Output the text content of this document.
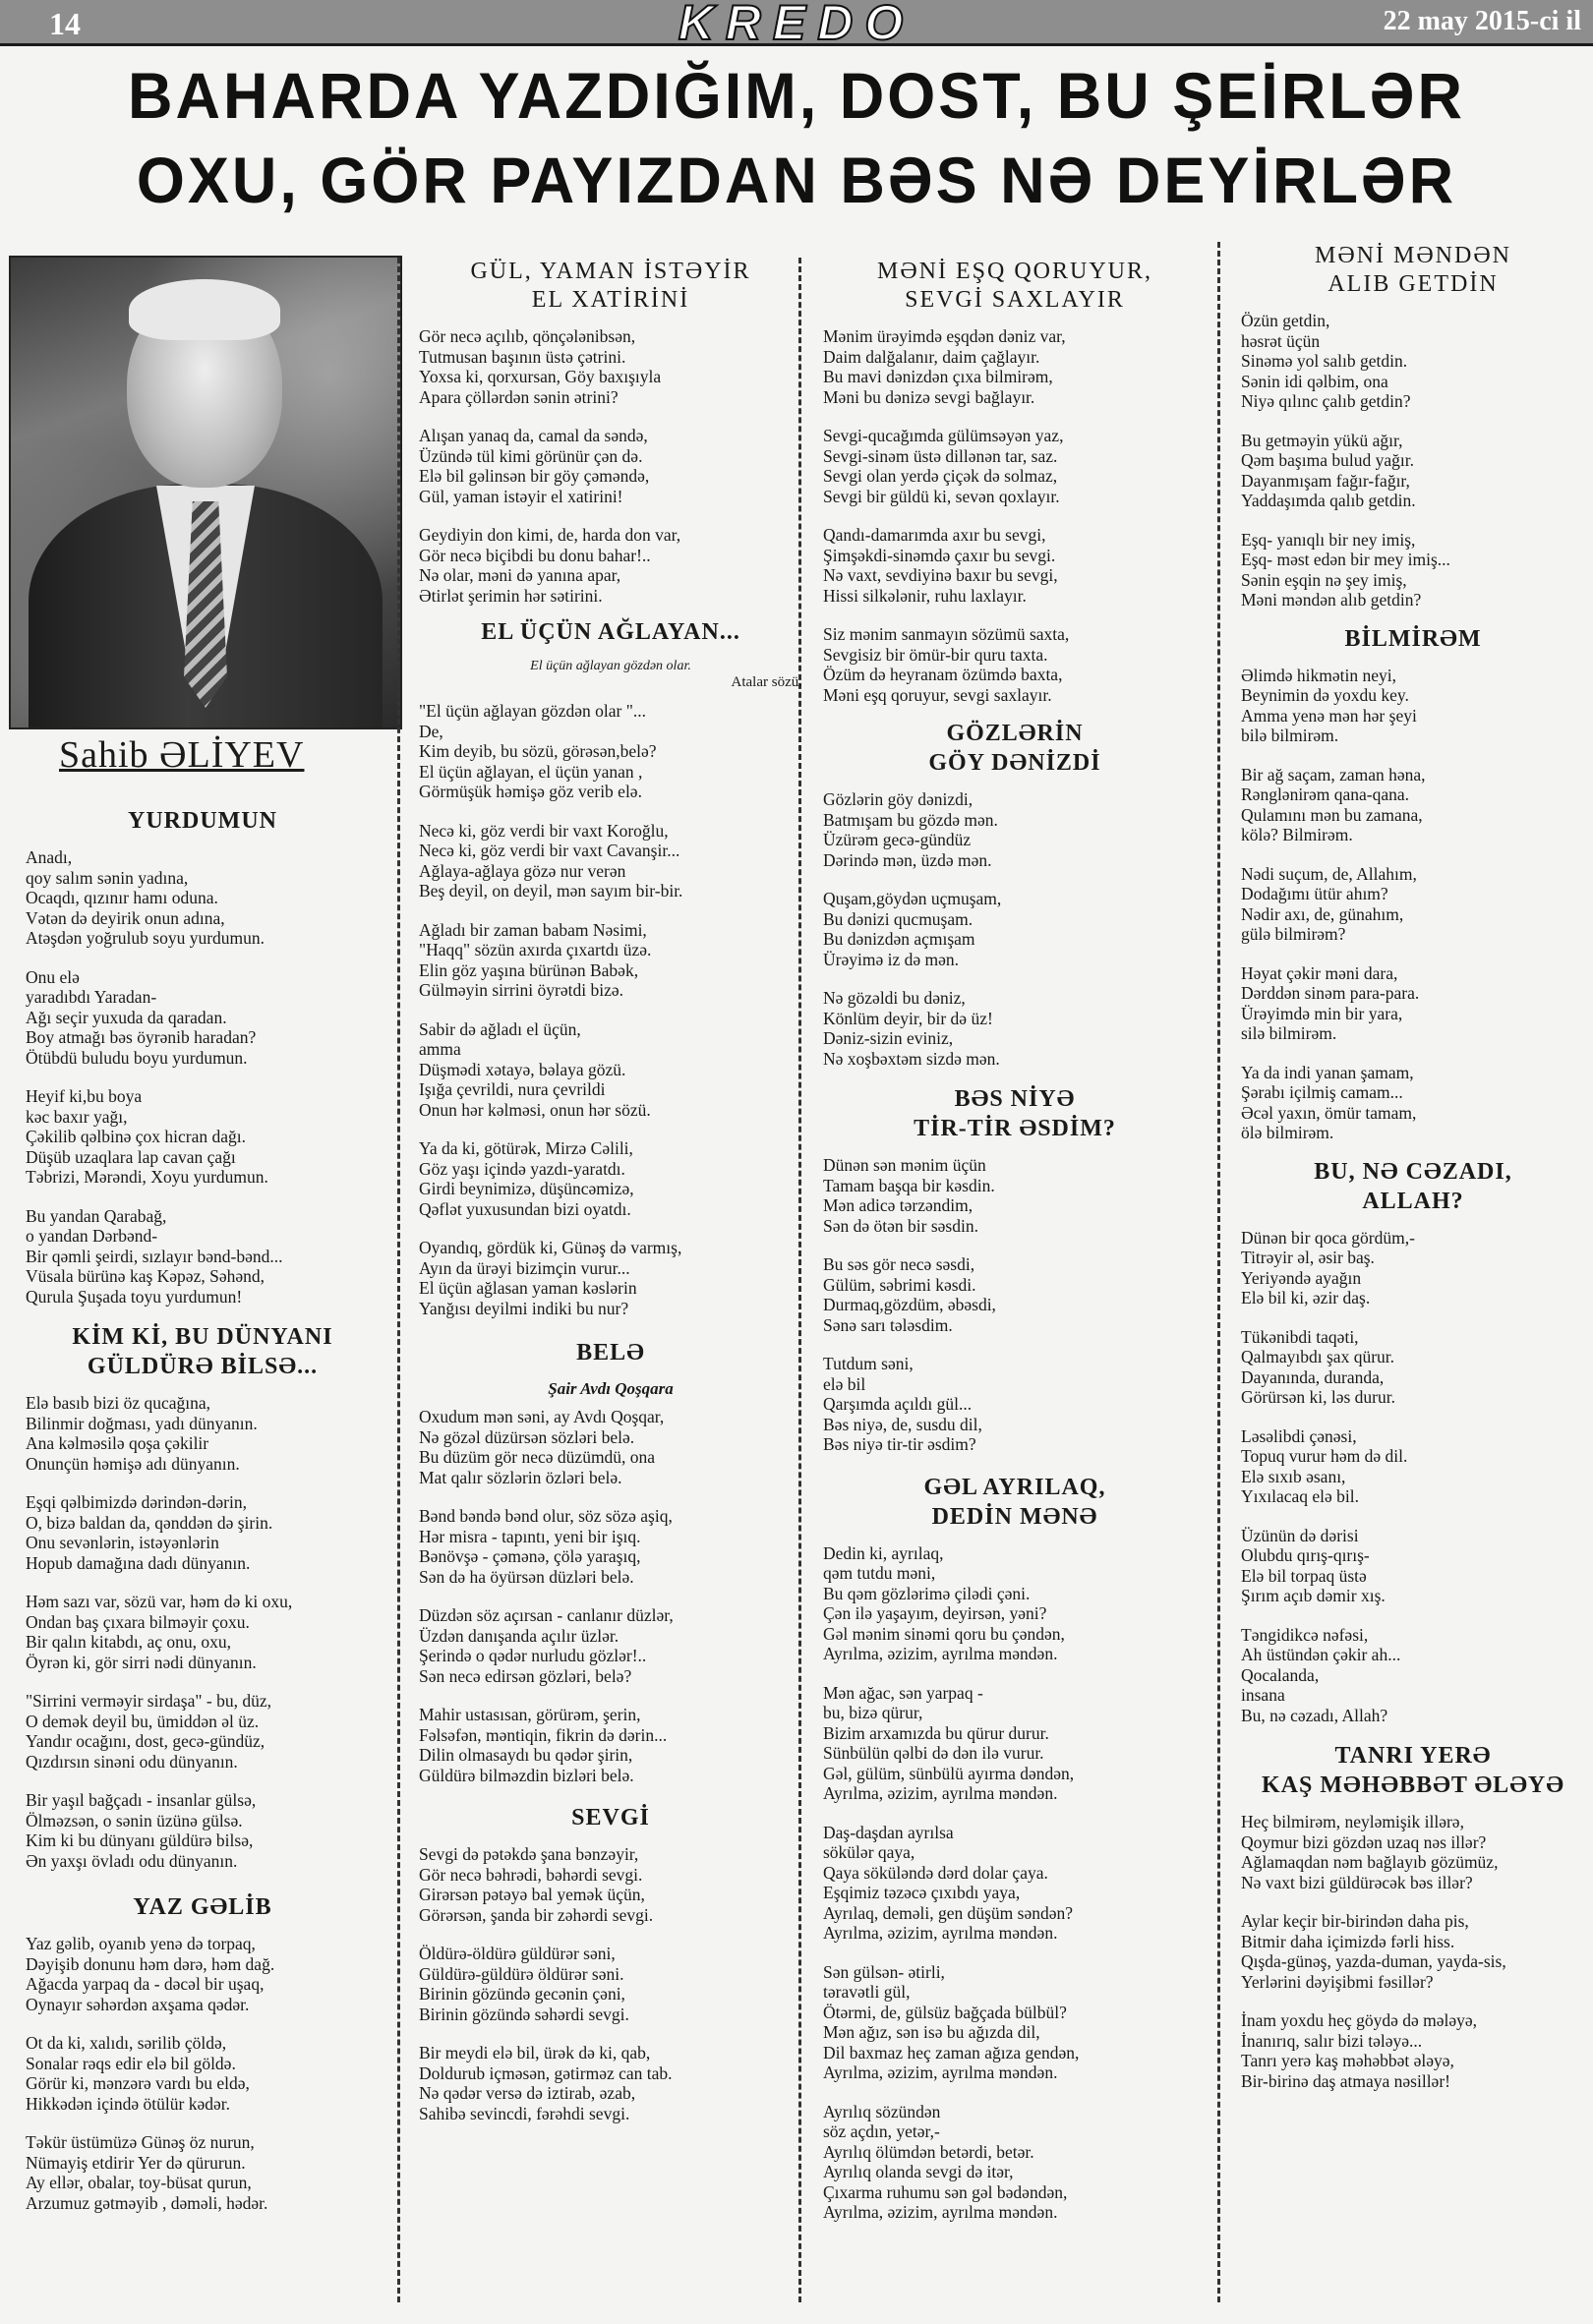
14	KREDO	22 may 2015-ci il
BAHARDA YAZDIĞIM, DOST, BU ŞEİRLƏR
OXU, GÖR PAYIZDAN BƏS NƏ DEYİRLƏR
Sahib ƏLİYEV
YURDUMUN
Anadı,
qoy salım sənin yadına,
Ocaqdı, qızınır hamı oduna.
Vətən də deyirik onun adına,
Atəşdən yoğrulub soyu yurdumun.
Onu elə
yaradıbdı Yaradan-
Ağı seçir yuxuda da qaradan.
Boy atmağı bəs öyrənib haradan?
Ötübdü buludu boyu yurdumun.
Heyif ki,bu boya
kəc baxır yağı,
Çəkilib qəlbinə çox hicran dağı.
Düşüb uzaqlara lap cavan çağı
Təbrizi, Mərəndi, Xoyu yurdumun.
Bu yandan Qarabağ,
o yandan Dərbənd-
Bir qəmli şeirdi, sızlayır bənd-bənd...
Vüsala bürünə kaş Kəpəz, Səhənd,
Qurula Şuşada toyu yurdumun!
KİM Kİ, BU DÜNYANI
GÜLDÜRƏ BİLSƏ...
Elə basıb bizi öz qucağına,
Bilinmir doğması, yadı dünyanın.
Ana kəlməsilə qoşa çəkilir
Onunçün həmişə adı dünyanın.
Eşqi qəlbimizdə dərindən-dərin,
O, bizə baldan da, qənddən də şirin.
Onu sevənlərin, istəyənlərin
Hopub damağına dadı dünyanın.
Həm sazı var, sözü var, həm də ki oxu,
Ondan baş çıxara bilməyir çoxu.
Bir qalın kitabdı, aç onu, oxu,
Öyrən ki, gör sirri nədi dünyanın.
"Sirrini verməyir sirdaşa" - bu, düz,
O demək deyil bu, ümiddən əl üz.
Yandır ocağını, dost, gecə-gündüz,
Qızdırsın sinəni odu dünyanın.
Bir yaşıl bağçadı - insanlar gülsə,
Ölməzsən, o sənin üzünə gülsə.
Kim ki bu dünyanı güldürə bilsə,
Ən yaxşı övladı odu dünyanın.
YAZ GƏLİB
Yaz gəlib, oyanıb yenə də torpaq,
Dəyişib donunu həm dərə, həm dağ.
Ağacda yarpaq da - dəcəl bir uşaq,
Oynayır səhərdən axşama qədər.
Ot da ki, xalıdı, sərilib çöldə,
Sonalar rəqs edir elə bil göldə.
Görür ki, mənzərə vardı bu eldə,
Hikkədən içində ötülür kədər.
Təkür üstümüzə Günəş öz nurun,
Nümayiş etdirir Yer də qürurun.
Ay ellər, obalar, toy-büsat qurun,
Arzumuz gətməyib , dəməli, hədər.
GÜL, YAMAN İSTƏYİR
EL XATİRİNİ
Gör necə açılıb, qönçələnibsən,
Tutmusan başının üstə çətrini.
Yoxsa ki, qorxursan, Göy baxışıyla
Apara çöllərdən sənin ətrini?
Alışan yanaq da, camal da səndə,
Üzündə tül kimi görünür çən də.
Elə bil gəlinsən bir göy çəməndə,
Gül, yaman istəyir el xatirini!
Geydiyin don kimi, de, harda don var,
Gör necə biçibdi bu donu bahar!..
Nə olar, məni də yanına apar,
Ətirlət şerimin hər sətirini.
EL ÜÇÜN AĞLAYAN...
El üçün ağlayan gözdən olar.
Atalar sözü.
"El üçün ağlayan gözdən olar "...
De,
Kim deyib, bu sözü, görəsən,belə?
El üçün ağlayan, el üçün yanan ,
Görmüşük həmişə göz verib elə.
Necə ki, göz verdi bir vaxt Koroğlu,
Necə ki, göz verdi bir vaxt Cavanşir...
Ağlaya-ağlaya gözə nur verən
Beş deyil, on deyil, mən sayım bir-bir.
Ağladı bir zaman babam Nəsimi,
"Haqq" sözün axırda çıxartdı üzə.
Elin göz yaşına bürünən Babək,
Gülməyin sirrini öyrətdi bizə.
Sabir də ağladı el üçün,
amma
Düşmədi xətayə, bəlaya gözü.
Işığa çevrildi, nura çevrildi
Onun hər kəlməsi, onun hər sözü.
Ya da ki, götürək, Mirzə Cəlili,
Göz yaşı içində yazdı-yaratdı.
Girdi beynimizə, düşüncəmizə,
Qəflət yuxusundan bizi oyatdı.
Oyandıq, gördük ki, Günəş də varmış,
Ayın da ürəyi bizimçin vurur...
El üçün ağlasan yaman kəslərin
Yanğısı deyilmi indiki bu nur?
BELƏ
Şair Avdı Qoşqara
Oxudum mən səni, ay Avdı Qoşqar,
Nə gözəl düzürsən sözləri belə.
Bu düzüm gör necə düzümdü, ona
Mat qalır sözlərin özləri belə.
Bənd bəndə bənd olur, söz sözə aşiq,
Hər misra - tapıntı, yeni bir işıq.
Bənövşə - çəmənə, çölə yaraşıq,
Sən də ha öyürsən düzləri belə.
Düzdən söz açırsan - canlanır düzlər,
Üzdən danışanda açılır üzlər.
Şerində o qədər nurludu gözlər!..
Sən necə edirsən gözləri, belə?
Mahir ustasısan, görürəm, şerin,
Fəlsəfən, məntiqin, fikrin də dərin...
Dilin olmasaydı bu qədər şirin,
Güldürə bilməzdin bizləri belə.
SEVGİ
Sevgi də pətəkdə şana bənzəyir,
Gör necə bəhrədi, bəhərdi sevgi.
Girərsən pətəyə bal yemək üçün,
Görərsən, şanda bir zəhərdi sevgi.
Öldürə-öldürə güldürər səni,
Güldürə-güldürə öldürər səni.
Birinin gözündə gecənin çəni,
Birinin gözündə səhərdi sevgi.
Bir meydi elə bil, ürək də ki, qab,
Doldurub içməsən, gətirməz can tab.
Nə qədər versə də iztirab, əzab,
Sahibə sevincdi, fərəhdi sevgi.
MƏNİ EŞQ QORUYUR,
SEVGİ SAXLAYIR
Mənim ürəyimdə eşqdən dəniz var,
Daim dalğalanır, daim çağlayır.
Bu mavi dənizdən çıxa bilmirəm,
Məni bu dənizə sevgi bağlayır.
Sevgi-qucağımda gülümsəyən yaz,
Sevgi-sinəm üstə dillənən tar, saz.
Sevgi olan yerdə çiçək də solmaz,
Sevgi bir güldü ki, sevən qoxlayır.
Qandı-damarımda axır bu sevgi,
Şimşəkdi-sinəmdə çaxır bu sevgi.
Nə vaxt, sevdiyinə baxır bu sevgi,
Hissi silkələnir, ruhu laxlayır.
Siz mənim sanmayın sözümü saxta,
Sevgisiz bir ömür-bir quru taxta.
Özüm də heyranam özümdə baxta,
Məni eşq qoruyur, sevgi saxlayır.
GÖZLƏRİN
GÖY DƏNİZDİ
Gözlərin göy dənizdi,
Batmışam bu gözdə mən.
Üzürəm gecə-gündüz
Dərində mən, üzdə mən.
Quşam,göydən uçmuşam,
Bu dənizi qucmuşam.
Bu dənizdən açmışam
Ürəyimə iz də mən.
Nə gözəldi bu dəniz,
Könlüm deyir, bir də üz!
Dəniz-sizin eviniz,
Nə xoşbəxtəm sizdə mən.
BƏS NİYƏ
TİR-TİR ƏSDİM?
Dünən sən mənim üçün
Tamam başqa bir kəsdin.
Mən adicə tərzəndim,
Sən də ötən bir səsdin.
Bu səs gör necə səsdi,
Gülüm, səbrimi kəsdi.
Durmaq,gözdüm, əbəsdi,
Sənə sarı tələsdim.
Tutdum səni,
elə bil
Qarşımda açıldı gül...
Bəs niyə, de, susdu dil,
Bəs niyə tir-tir əsdim?
GƏL AYRILAQ,
DEDİN MƏNƏ
Dedin ki, ayrılaq,
qəm tutdu məni,
Bu qəm gözlərimə çilədi çəni.
Çən ilə yaşayım, deyirsən, yəni?
Gəl mənim sinəmi qoru bu çəndən,
Ayrılma, əzizim, ayrılma məndən.
Mən ağac, sən yarpaq -
bu, bizə qürur,
Bizim arxamızda bu qürur durur.
Sünbülün qəlbi də dən ilə vurur.
Gəl, gülüm, sünbülü ayırma dəndən,
Ayrılma, əzizim, ayrılma məndən.
Daş-daşdan ayrılsa
sökülər qaya,
Qaya söküləndə dərd dolar çaya.
Eşqimiz təzəcə çıxıbdı yaya,
Ayrılaq, deməli, gen düşüm səndən?
Ayrılma, əzizim, ayrılma məndən.
Sən gülsən- ətirli,
təravətli gül,
Ötərmi, de, gülsüz bağçada bülbül?
Mən ağız, sən isə bu ağızda dil,
Dil baxmaz heç zaman ağıza gendən,
Ayrılma, əzizim, ayrılma məndən.
Ayrılıq sözündən
söz açdın, yetər,-
Ayrılıq ölümdən betərdi, betər.
Ayrılıq olanda sevgi də itər,
Çıxarma ruhumu sən gəl bədəndən,
Ayrılma, əzizim, ayrılma məndən.
MƏNİ MƏNDƏN
ALIB GETDİN
Özün getdin,
həsrət üçün
Sinəmə yol salıb getdin.
Sənin idi qəlbim, ona
Niyə qılınc çalıb getdin?
Bu getməyin yükü ağır,
Qəm başıma bulud yağır.
Dayanmışam fağır-fağır,
Yaddaşımda qalıb getdin.
Eşq- yanıqlı bir ney imiş,
Eşq- məst edən bir mey imiş...
Sənin eşqin nə şey imiş,
Məni məndən alıb getdin?
BİLMİRƏM
Əlimdə hikmətin neyi,
Beynimin də yoxdu key.
Amma yenə mən hər şeyi
bilə bilmirəm.
Bir ağ saçam, zaman hənа,
Rənglənirəm qana-qana.
Qulamını mən bu zamana,
kölə? Bilmirəm.
Nədi suçum, de, Allahım,
Dodağımı ütür ahım?
Nədir axı, de, günahım,
gülə bilmirəm?
Həyat çəkir məni dara,
Dərddən sinəm para-para.
Ürəyimdə min bir yara,
silə bilmirəm.
Ya da indi yanan şamam,
Şərabı içilmiş camam...
Əcəl yaxın, ömür tamam,
ölə bilmirəm.
BU, NƏ CƏZADI,
ALLAH?
Dünən bir qoca gördüm,-
Titrəyir əl, əsir baş.
Yeriyəndə ayağın
Elə bil ki, əzir daş.
Tükənibdi taqəti,
Qalmayıbdı şax qürur.
Dayanında, duranda,
Görürsən ki, ləs durur.
Ləsəlibdi çənəsi,
Topuq vurur həm də dil.
Elə sıxıb əsanı,
Yıxılacaq elə bil.
Üzünün də dərisi
Olubdu qırış-qırış-
Elə bil torpaq üstə
Şırım açıb dəmir xış.
Təngidikcə nəfəsi,
Ah üstündən çəkir ah...
Qocalanda,
insana
Bu, nə cəzadı, Allah?
TANRI YERƏ
KAŞ MƏHƏBBƏT ƏLƏYƏ
Heç bilmirəm, neyləmişik illərə,
Qoymur bizi gözdən uzaq nəs illər?
Ağlamaqdan nəm bağlayıb gözümüz,
Nə vaxt bizi güldürəcək bəs illər?
Aylar keçir bir-birindən daha pis,
Bitmir daha içimizdə fərli hiss.
Qışda-günəş, yazda-duman, yayda-sis,
Yerlərini dəyişibmi fəsillər?
İnam yoxdu heç göydə də mələyə,
İnanırıq, salır bizi tələyə...
Tanrı yerə kaş məhəbbət ələyə,
Bir-birinə daş atmaya nəsillər!
